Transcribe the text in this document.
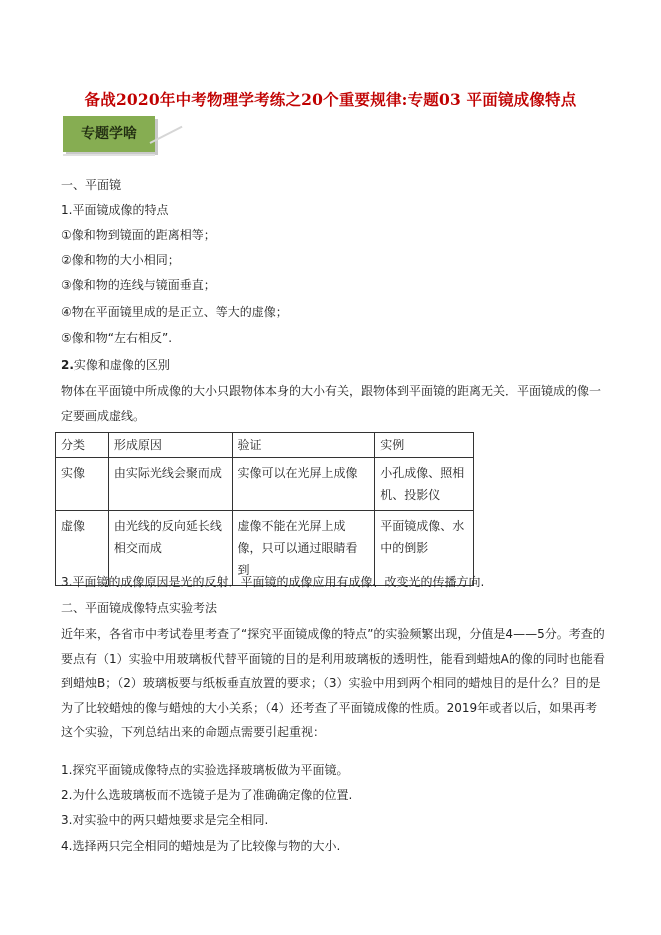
备战2020年中考物理学考练之20个重要规律:专题03 平面镜成像特点
专题学啥
一、平面镜
1.平面镜成像的特点
①像和物到镜面的距离相等；
②像和物的大小相同；
③像和物的连线与镜面垂直；
④物在平面镜里成的是正立、等大的虚像；
⑤像和物“左右相反”.
2.实像和虚像的区别
物体在平面镜中所成像的大小只跟物体本身的大小有关，跟物体到平面镜的距离无关．平面镜成的像一定要画成虚线。
分类	形成原因	验证	实例
实像	由实际光线会聚而成	实像可以在光屏上成像	小孔成像、照相机、投影仪
虚像	由光线的反向延长线相交而成	虚像不能在光屏上成像，只可以通过眼睛看到	平面镜成像、水中的倒影
3.平面镜的成像原因是光的反射．平面镜的成像应用有成像、改变光的传播方向.
二、平面镜成像特点实验考法
近年来，各省市中考试卷里考查了“探究平面镜成像的特点”的实验频繁出现，分值是4——5分。考查的要点有（1）实验中用玻璃板代替平面镜的目的是利用玻璃板的透明性，能看到蜡烛A的像的同时也能看到蜡烛B；（2）玻璃板要与纸板垂直放置的要求；（3）实验中用到两个相同的蜡烛目的是什么？目的是为了比较蜡烛的像与蜡烛的大小关系；（4）还考查了平面镜成像的性质。2019年或者以后，如果再考这个实验，下列总结出来的命题点需要引起重视：
1.探究平面镜成像特点的实验选择玻璃板做为平面镜。
2.为什么选玻璃板而不选镜子是为了准确确定像的位置.
3.对实验中的两只蜡烛要求是完全相同.
4.选择两只完全相同的蜡烛是为了比较像与物的大小.
